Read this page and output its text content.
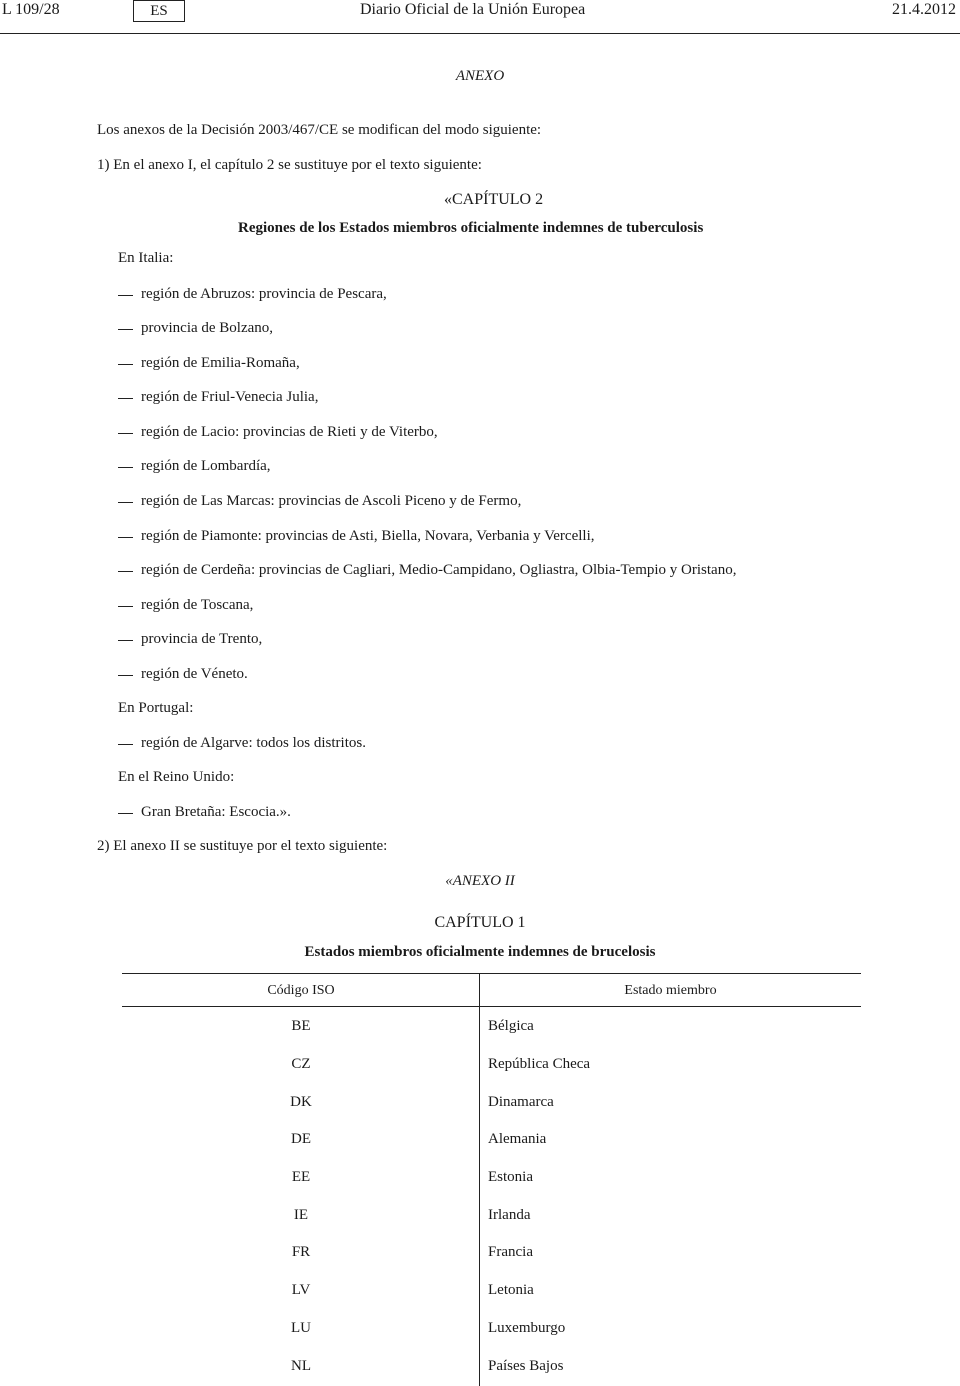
L 109/28	ES	Diario Oficial de la Unión Europea	21.4.2012
ANEXO
Los anexos de la Decisión 2003/467/CE se modifican del modo siguiente:
1) En el anexo I, el capítulo 2 se sustituye por el texto siguiente:
«CAPÍTULO 2
Regiones de los Estados miembros oficialmente indemnes de tuberculosis
En Italia:
región de Abruzos: provincia de Pescara,
provincia de Bolzano,
región de Emilia-Romaña,
región de Friul-Venecia Julia,
región de Lacio: provincias de Rieti y de Viterbo,
región de Lombardía,
región de Las Marcas: provincias de Ascoli Piceno y de Fermo,
región de Piamonte: provincias de Asti, Biella, Novara, Verbania y Vercelli,
región de Cerdeña: provincias de Cagliari, Medio-Campidano, Ogliastra, Olbia-Tempio y Oristano,
región de Toscana,
provincia de Trento,
región de Véneto.
En Portugal:
región de Algarve: todos los distritos.
En el Reino Unido:
Gran Bretaña: Escocia.».
2) El anexo II se sustituye por el texto siguiente:
«ANEXO II
CAPÍTULO 1
Estados miembros oficialmente indemnes de brucelosis
Código ISO	Estado miembro
BE	Bélgica
CZ	República Checa
DK	Dinamarca
DE	Alemania
EE	Estonia
IE	Irlanda
FR	Francia
LV	Letonia
LU	Luxemburgo
NL	Países Bajos
